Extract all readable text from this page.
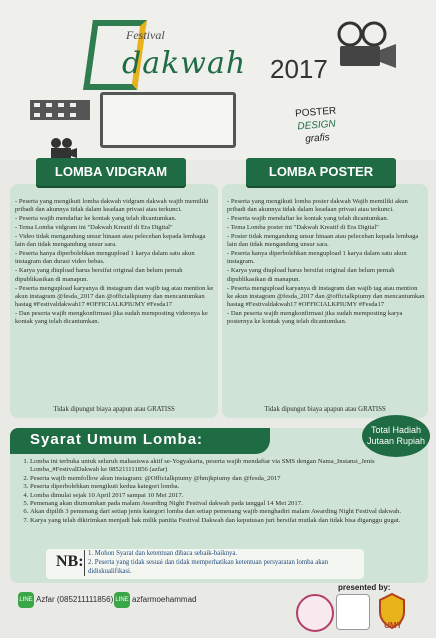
Festival
dakwah 2017
POSTER
DESIGN
grafis
LOMBA VIDGRAM
- Peserta yang mengikuti lomba dakwah vidgram dakwah wajib memiliki pribadi dan akunnya tidak dalam keadaan privasi atau terkunci.
- Peserta wajib mendaftar ke kontak yang telah dicantumkan.
- Tema Lomba vidgram ini "Dakwah Kreatif di Era Digital"
- Video tidak mengandung unsur hinaan atau pelecehan kepada lembaga lain dan tidak mengandung unsur sara.
- Peserta hanya diperbolehkan mengupload 1 karya dalam satu akun instagram dan durasi video bebas.
- Karya yang diupload harus bersifat original dan belum pernah dipublikasikan di manapun.
- Peserta mengupload karyanya di instagram dan wajib tag atau mention ke akun instagram @fesda_2017 dan @officialkpiumy dan mencantumkan hastag #Festivaldakwah17 #OFFICIALKPIUMY #Fesda17
- Dan peserta wajib mengkonfirmasi jika sudah memposting videonya ke kontak yang telah dicantumkan.
Tidak dipungut biaya apapun atau GRATISS
LOMBA POSTER
- Peserta yang mengikuti lomba poster dakwah Wajib memiliki akun pribadi dan akunnya tidak dalam keadaan privasi atau terkunci.
- Peserta wajib mendaftar ke kontak yang telah dicantumkan.
- Tema Lomba poster ini "Dakwah Kreatif di Era Digital"
- Poster tidak mengandung unsur hinaan atau pelecehan kepada lembaga lain dan tidak mengandung unsur sara.
- Peserta hanya diperbolehkan mengupload 1 karya dalam satu akun instagram.
- Karya yang diupload harus bersifat original dan belum pernah dipublikasikan di manapun.
- Peserta mengupload karyanya di instagram dan wajib tag atau mention ke akun instagram @fesda_2017 dan @officialkpiumy dan mencantumkan hastag #Festivaldakwah17 #OFFICIALKPIUMY #Fesda17
- Dan peserta wajib mengkonfirmasi jika sudah memposting karya posternya ke kontak yang telah dicantumkan.
Tidak dipungut biaya apapun atau GRATISS
Syarat Umum Lomba:
Total Hadiah
Jutaan Rupiah
1. Lomba ini terbuka untuk seluruh mahasiswa aktif se-Yogyakarta, peserta wajib mendaftar via SMS dengan Nama_Instansi_Jenis Lomba_#FestivalDakwah ke 085211111856 (azfar)
2. Peserta wajib memfollow akun instagram: @Officialkpiumy @hmjkpiumy dan @fesda_2017
3. Peserta diperbolehkan mengikuti kedua kategori lomba.
4. Lomba dimulai sejak 10 April 2017 sampai 10 Mei 2017.
5. Pemenang akan diumumkan pada malam Awarding Night Festival dakwah pada tanggal 14 Mei 2017.
6. Akan dipilih 3 pemenang dari setiap jenis kategori lomba dan setiap pemenang wajib menghadiri malam Awarding Night Festival dakwah.
7. Karya yang telah dikirimkan menjadi hak milik panitia Festival Dakwah dan keputusan juri bersifat mutlak dan tidak bisa diganggu gugat.
NB: 1. Mohon Syarat dan ketentuan dibaca sebaik-baiknya.
2. Peserta yang tidak sesuai dan tidak memperhatikan ketentuan persyaratan lomba akan didiskualifikasi.
presented by:
LINE Azfar (085211111856) LINE azfarmoehammad
UMY
